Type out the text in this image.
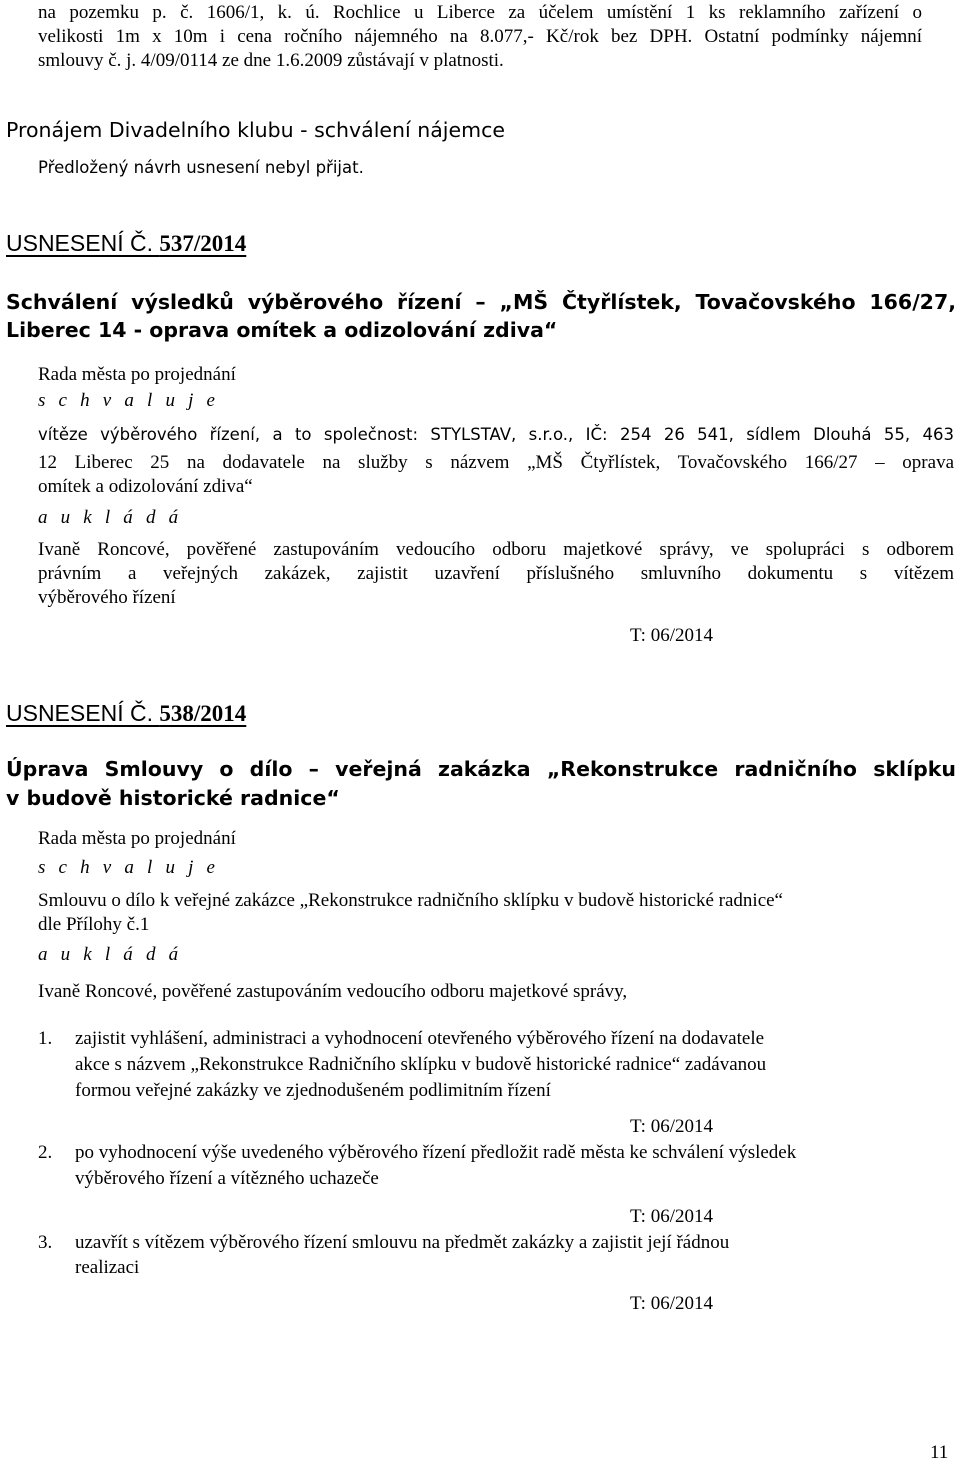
na pozemku p. č. 1606/1, k. ú. Rochlice u Liberce za účelem umístění 1 ks reklamního zařízení o
velikosti 1m x 10m i cena ročního nájemného na 8.077,- Kč/rok bez DPH. Ostatní podmínky nájemní
smlouvy č. j. 4/09/0114 ze dne 1.6.2009 zůstávají v platnosti.
Pronájem Divadelního klubu - schválení nájemce
Předložený návrh usnesení nebyl přijat.
USNESENÍ Č. 537/2014
Schválení výsledků výběrového řízení – „MŠ Čtyřlístek, Tovačovského 166/27,
Liberec 14 - oprava omítek a odizolování zdiva“
Rada města po projednání
s c h v a l u j e
vítěze výběrového řízení, a to společnost: STYLSTAV, s.r.o., IČ: 254 26 541, sídlem Dlouhá 55, 463
12 Liberec 25 na dodavatele na služby s názvem „MŠ Čtyřlístek, Tovačovského 166/27 – oprava
omítek a odizolování zdiva“
a u k l á d á
Ivaně Roncové, pověřené zastupováním vedoucího odboru majetkové správy, ve spolupráci s odborem
právním a veřejných zakázek, zajistit uzavření příslušného smluvního dokumentu s vítězem
výběrového řízení
T: 06/2014
USNESENÍ Č. 538/2014
Úprava Smlouvy o dílo – veřejná zakázka „Rekonstrukce radničního sklípku
v budově historické radnice“
Rada města po projednání
s c h v a l u j e
Smlouvu o dílo k veřejné zakázce „Rekonstrukce radničního sklípku v budově historické radnice“
dle Přílohy č.1
a u k l á d á
Ivaně Roncové, pověřené zastupováním vedoucího odboru majetkové správy,
1. zajistit vyhlášení, administraci a vyhodnocení otevřeného výběrového řízení na dodavatele
akce s názvem „Rekonstrukce Radničního sklípku v budově historické radnice“ zadávanou
formou veřejné zakázky ve zjednodušeném podlimitním řízení
T: 06/2014
2. po vyhodnocení výše uvedeného výběrového řízení předložit radě města ke schválení výsledek
výběrového řízení a vítězného uchazeče
T: 06/2014
3. uzavřít s vítězem výběrového řízení smlouvu na předmět zakázky a zajistit její řádnou
realizaci
T: 06/2014
11
